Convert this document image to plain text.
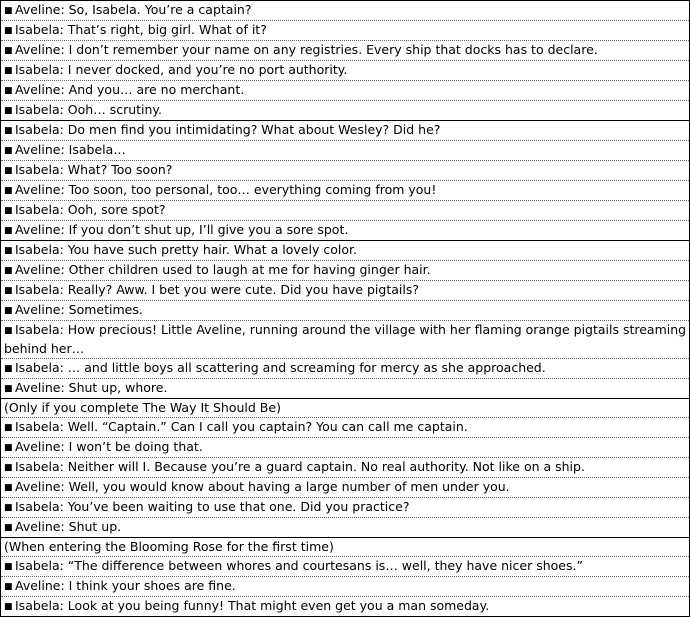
■ Aveline: So, Isabela. You’re a captain?
■ Isabela: That’s right, big girl. What of it?
■ Aveline: I don’t remember your name on any registries. Every ship that docks has to declare.
■ Isabela: I never docked, and you’re no port authority.
■ Aveline: And you… are no merchant.
■ Isabela: Ooh… scrutiny.
■ Isabela: Do men find you intimidating? What about Wesley? Did he?
■ Aveline: Isabela…
■ Isabela: What? Too soon?
■ Aveline: Too soon, too personal, too… everything coming from you!
■ Isabela: Ooh, sore spot?
■ Aveline: If you don’t shut up, I’ll give you a sore spot.
■ Isabela: You have such pretty hair. What a lovely color.
■ Aveline: Other children used to laugh at me for having ginger hair.
■ Isabela: Really? Aww. I bet you were cute. Did you have pigtails?
■ Aveline: Sometimes.
■ Isabela: How precious! Little Aveline, running around the village with her flaming orange pigtails streaming behind her…
■ Isabela: … and little boys all scattering and screaming for mercy as she approached.
■ Aveline: Shut up, whore.
(Only if you complete The Way It Should Be)
■ Isabela: Well. “Captain.” Can I call you captain? You can call me captain.
■ Aveline: I won’t be doing that.
■ Isabela: Neither will I. Because you’re a guard captain. No real authority. Not like on a ship.
■ Aveline: Well, you would know about having a large number of men under you.
■ Isabela: You’ve been waiting to use that one. Did you practice?
■ Aveline: Shut up.
(When entering the Blooming Rose for the first time)
■ Isabela: “The difference between whores and courtesans is… well, they have nicer shoes.”
■ Aveline: I think your shoes are fine.
■ Isabela: Look at you being funny! That might even get you a man someday.
